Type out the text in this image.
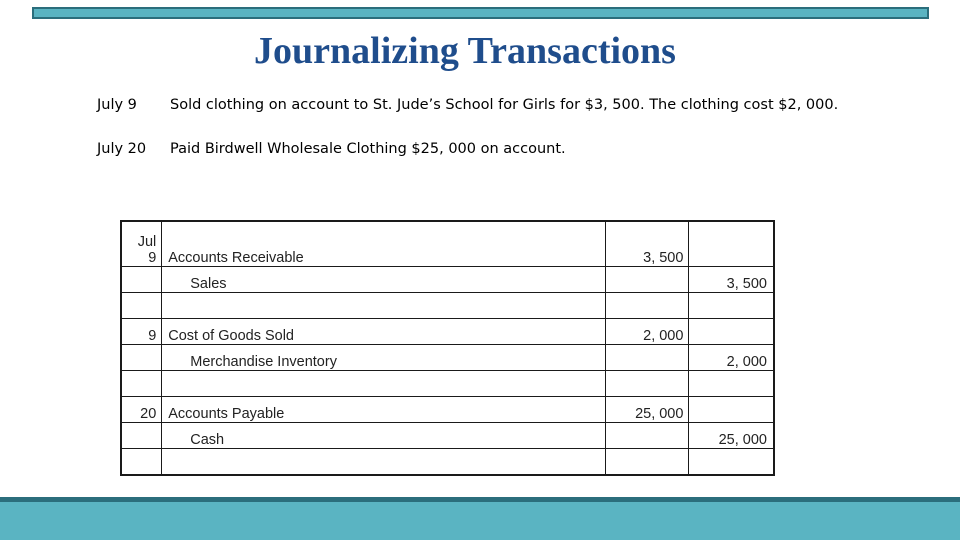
Journalizing Transactions
July 9 Sold clothing on account to St. Jude’s School for Girls for $3, 500. The clothing cost $2, 000.
July 20 Paid Birdwell Wholesale Clothing $25, 000 on account.
Jul
9	Accounts Receivable	3, 500	
	Sales		3, 500

9	Cost of Goods Sold	2, 000	
	Merchandise Inventory		2, 000

20	Accounts Payable	25, 000	
	Cash		25, 000
